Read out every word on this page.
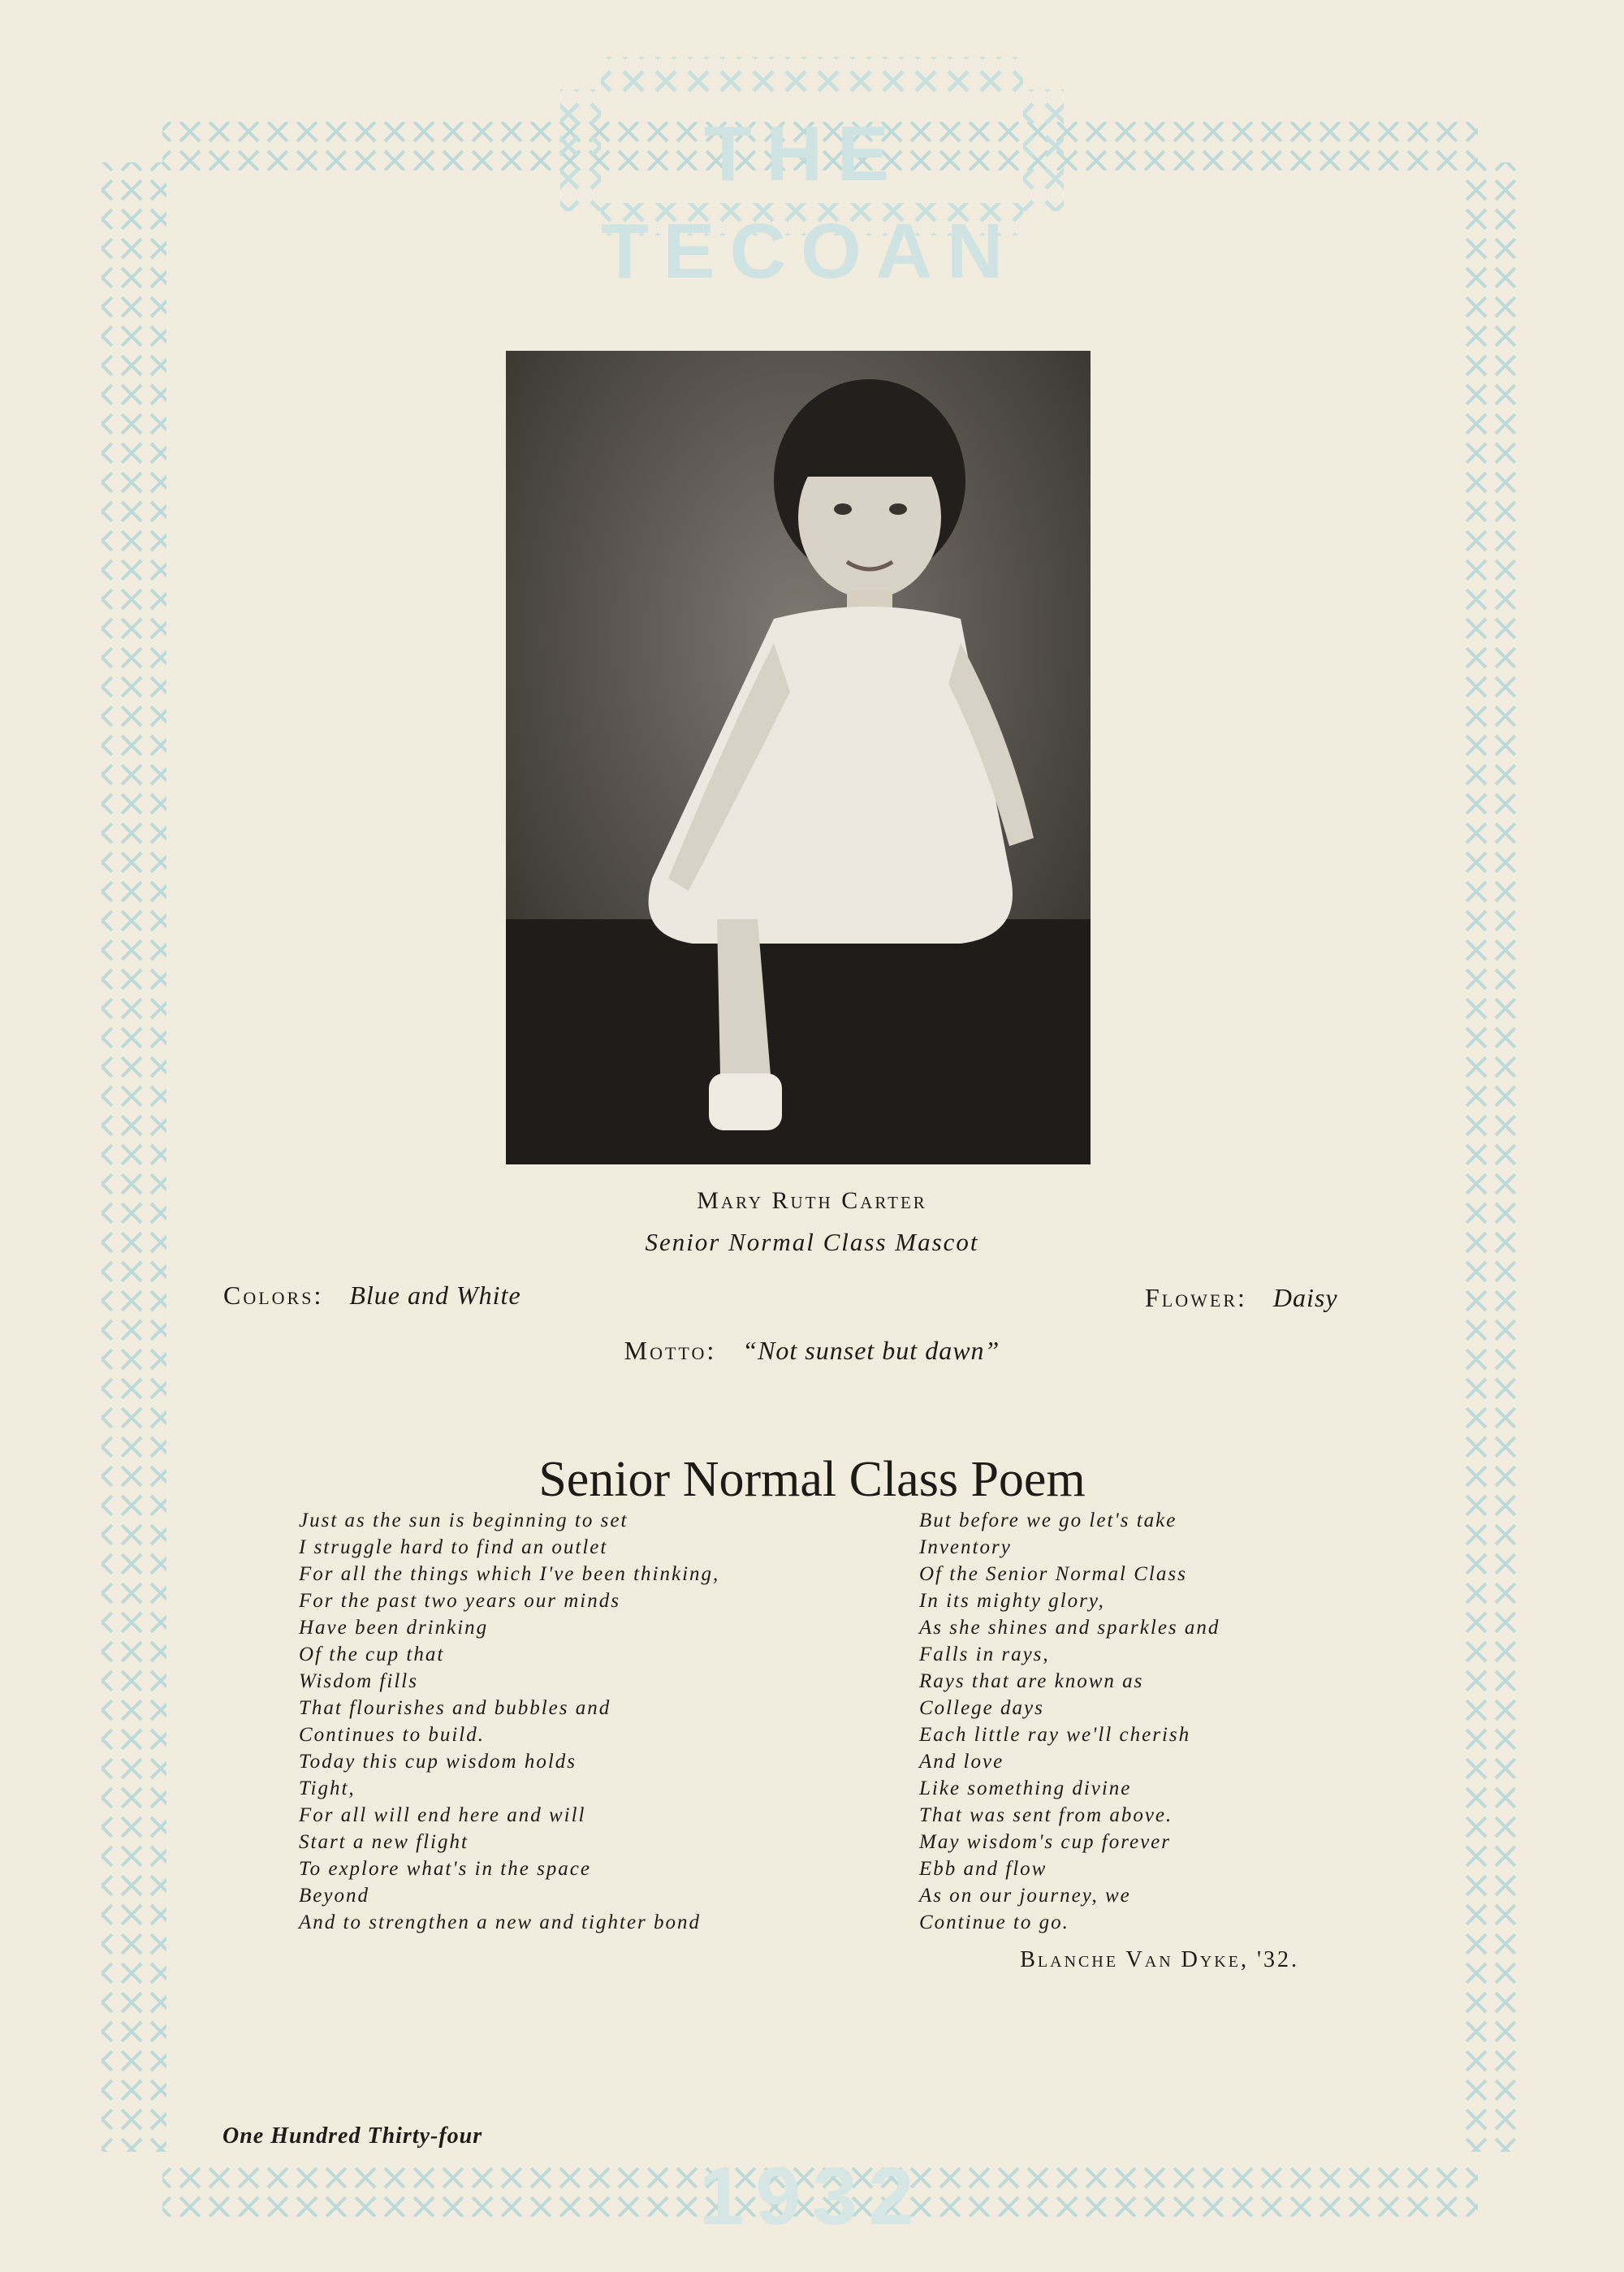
THE TECOAN
Mary Ruth Carter
Senior Normal Class Mascot
Colors: Blue and White	Flower: Daisy
Motto: “Not sunset but dawn”
Senior Normal Class Poem
Just as the sun is beginning to set
I struggle hard to find an outlet
For all the things which I've been thinking,
For the past two years our minds
Have been drinking
Of the cup that
Wisdom fills
That flourishes and bubbles and
Continues to build.
Today this cup wisdom holds
Tight,
For all will end here and will
Start a new flight
To explore what's in the space
Beyond
And to strengthen a new and tighter bond
But before we go let's take
Inventory
Of the Senior Normal Class
In its mighty glory,
As she shines and sparkles and
Falls in rays,
Rays that are known as
College days
Each little ray we'll cherish
And love
Like something divine
That was sent from above.
May wisdom's cup forever
Ebb and flow
As on our journey, we
Continue to go.
Blanche Van Dyke, '32.
One Hundred Thirty-four
1932
